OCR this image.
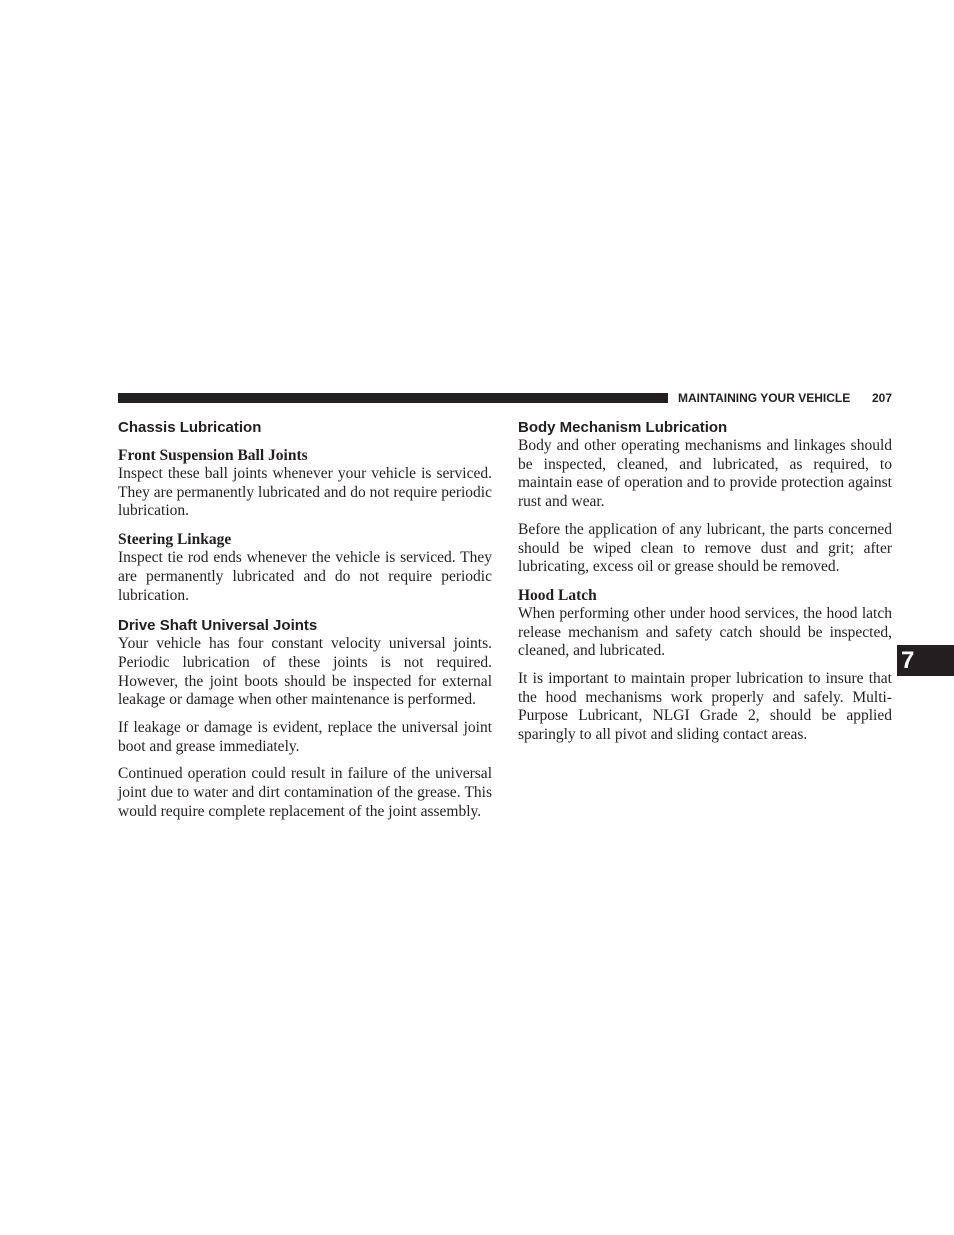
MAINTAINING YOUR VEHICLE 207
Chassis Lubrication
Front Suspension Ball Joints

Inspect these ball joints whenever your vehicle is serviced. They are permanently lubricated and do not require periodic lubrication.

Steering Linkage

Inspect tie rod ends whenever the vehicle is serviced. They are permanently lubricated and do not require periodic lubrication.

Drive Shaft Universal Joints

Your vehicle has four constant velocity universal joints. Periodic lubrication of these joints is not required. However, the joint boots should be inspected for external leakage or damage when other maintenance is performed.

If leakage or damage is evident, replace the universal joint boot and grease immediately.

Continued operation could result in failure of the universal joint due to water and dirt contamination of the grease. This would require complete replacement of the joint assembly.

Body Mechanism Lubrication

Body and other operating mechanisms and linkages should be inspected, cleaned, and lubricated, as required, to maintain ease of operation and to provide protection against rust and wear.

Before the application of any lubricant, the parts concerned should be wiped clean to remove dust and grit; after lubricating, excess oil or grease should be removed.

Hood Latch

When performing other under hood services, the hood latch release mechanism and safety catch should be inspected, cleaned, and lubricated.

It is important to maintain proper lubrication to insure that the hood mechanisms work properly and safely. Multi-Purpose Lubricant, NLGI Grade 2, should be applied sparingly to all pivot and sliding contact areas.

7
